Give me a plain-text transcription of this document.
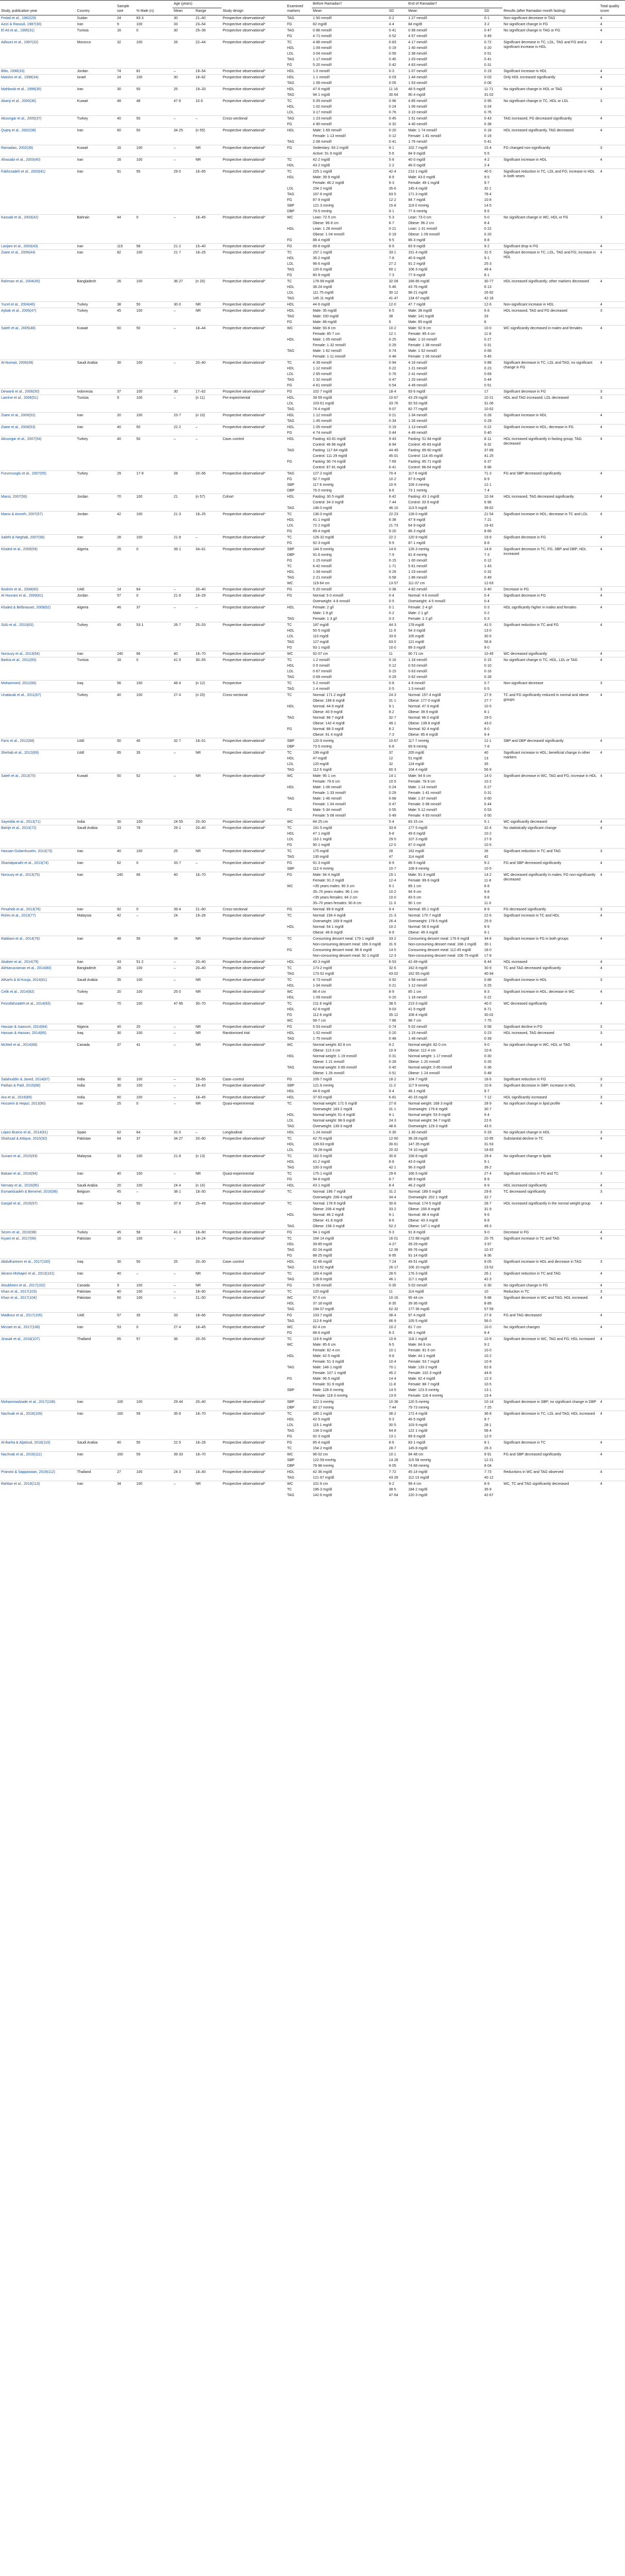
Study, publication year	Country	Sample size	% Male (n)	Age (years)		Study design	Examined markers	Before Ramadan†		End of Ramadan†		Results (after Ramadan month fasting)	Total quality score
				Mean	Range			Mean	SD	Mean	SD		
Fedail et al., 1982(29)	Sudan	24	83·3	30	21–40	Prospective observational*	TAG	1·50 mmol/l	0·2	1·27 mmol/l	0·1	Non-significant decrease in TAG	4
Azizi & Rasouli, 1987(30)	Iran	9	100	33	23–54	Prospective observational*	FG	82 mg/dl	4·4	84 mg/dl	3·2	No significant change in FG	4
El Ati et al., 1995(31)	Tunisia	16	0	30	25–39	Prospective observational*	TAG	0·86 mmol/l	0·41	0·98 mmol/l	0·47	No significant change in TAG or FG	4
							FG	4·71 mmol/l	0·52	4·57 mmol/l	0·49		
Adlouni et al., 1997(32)	Morocco	32	100	26	22–44	Prospective observational*	TC	4·86 mmol/l	0·83	4·17 mmol/l	0·72	Significant decrease in TC, LDL, TAG and FG and a significant increase in HDL	4
							HDL	1·09 mmol/l	0·19	1·40 mmol/l	0·20		
							LDL	3·04 mmol/l	0·56	2·38 mmol/l	0·51		
							TAG	1·17 mmol/l	0·45	1·03 mmol/l	0·41		
							FG	5·20 mmol/l	0·42	4·63 mmol/l	0·31		
Bilto, 1998(33)	Jordan	74	81	–	19–54	Prospective observational*	HDL	1·0 mmol/l	0·3	1·07 mmol/l	0·19	Significant increase in HDL	4
Maislos et al., 1998(34)	Israel	24	100	30	18–62	Prospective observational*	HDL	1·1 mmol/l	0·03	1·44 mmol/l	0·03	Only HDL increased significantly	4
							TAG	1·56 mmol/l	0·05	1·53 mmol/l	0·06		
Mahboob et al., 1999(35)	Iran	30	50	25	19–33	Prospective observational*	HDL	47·6 mg/dl	11·16	48·5 mg/dl	11·71	No significant change in HDL or TAG	4
							TAG	94·1 mg/dl	30·64	90·4 mg/dl	31·02		
Akanji et al., 2000(36)	Kuwait	48	48	47·6	10·6	Prospective observational*	TC	5·05 mmol/l	0·96	4·85 mmol/l	0·95	No significant change in TC, HDL or LDL	3
							HDL	1·02 mmol/l	0·24	1·06 mmol/l	0·24		
							LDL	3·17 mmol/l	0·76	3·10 mmol/l	0·76		
Aksungar et al., 2005(37)	Turkey	40	50	–	–	Cross-sectional	TAG	1·23 mmol/l	0·45	1·51 mmol/l	0·43	TAG increased, FG decreased significantly	4
							FG	4·90 mmol/l	0·32	4·40 mmol/l	0·38		
Qujeq et al., 2002(38)	Iran	60	50	34·25	(n 55)	Prospective observational*	HDL	Male: 1·69 mmol/l	0·20	Male: 1·74 mmol/l	0·18	HDL increased significantly, TAG decreased	4
								Female: 1·13 mmol/l	0·12	Female: 1·81 mmol/l	0·19		
							TAG	2·08 mmol/l	0·41	1·76 mmol/l	0·41		
Ramadan, 2002(39)	Kuwait	16	100	–	NR	Prospective observational*	FG	Sedentary: 93·2 mg/dl	9·1	102·7 mg/dl	15·4	FG changed non-significantly	3
								Active: 91·9 mg/dl	5·6	84·9 mg/dl	5·5		
Afrasiabi et al., 2003(40)	Iran	16	100	–	NR	Prospective observational*	TC	42·2 mg/dl	5·8	40·0 mg/dl	4·2	Significant increase in HDL	4
							HDL	43·2 mg/dl	2·2	46·0 mg/dl	2·4		
Fakhrzadeh et al., 2003(41)	Iran	91	55	29·0	16–65	Prospective observational*	TC	225·1 mg/dl	42·4	213·1 mg/dl	40·5	Significant reduction in TC, LDL and FG; increase in HDL in both sexes	4
							HDL	Male: 39·9 mg/dl	8·9	Male: 43·0 mg/dl	9·5		
								Female: 46·2 mg/dl	9·3	Female: 49·1 mg/dl	9·7		
							LDL	154·2 mg/dl	35·6	145·4 mg/dl	32·1		
							TAG	167·6 mg/dl	83·5	171·3 mg/dl	78·4		
							FG	87·9 mg/dl	12·2	84·7 mg/dl	10·8		
							SBP	121·3 mmHg	15·8	119·0 mmHg	14·5		
							DBP	79·5 mmHg	9·1	77·6 mmHg	9·5		
Kassab et al., 2003(42)	Bahrain	44	0	–	18–45	Prospective observational*	WC	Lean: 72·5 cm	5·3	Lean: 73·0 cm	5·0	No significant change in WC, HDL or FG	3
								Obese: 96·8 cm	8·7	Obese: 96·2 cm	8·4		
							HDL	Lean: 1·28 mmol/l	0·21	Lean: 1·31 mmol/l	0·22		
								Obese: 1·04 mmol/l	0·19	Obese: 1·09 mmol/l	0·20		
							FG	88·4 mg/dl	9·5	86·3 mg/dl	8·8		
Larijani et al., 2003(43)	Iran	115	58	21·2	15–40	Prospective observational*	FG	89·8 mg/dl	8·9	83·9 mg/dl	9·2	Significant drop in FG	4
Ziaee et al., 2006(44)	Iran	82	100	21·7	18–25	Prospective observational*	TC	157·1 mg/dl	33·1	151·4 mg/dl	31·5	Significant decrease in TC, LDL, TAG and FG; increase in HDL	4
							HDL	36·2 mg/dl	7·8	40·6 mg/dl	9·1		
							LDL	96·6 mg/dl	27·2	91·2 mg/dl	25·3		
							TAG	120·6 mg/dl	60·1	106·3 mg/dl	49·4		
							FG	80·9 mg/dl	7·3	77·9 mg/dl	8·1		
Rahman et al., 2004(45)	Bangladesh	26	100	36·27	(n 20)	Prospective observational*	TC	178·99 mg/dl	32·09	168·85 mg/dl	30·77	HDL increased significantly; other markers decreased	4
							HDL	38·24 mg/dl	5·46	43·76 mg/dl	6·13		
							LDL	111·75 mg/dl	30·12	98·21 mg/dl	26·92		
							TAG	145·11 mg/dl	41·47	134·67 mg/dl	42·18		
Yucel et al., 2004(46)	Turkey	38	50	30·0	NR	Prospective observational*	HDL	44·6 mg/dl	12·0	47·7 mg/dl	12·6	Non-significant increase in HDL	4
Aybak et al., 2005(47)	Turkey	45	100	–	NR	Prospective observational*	HDL	Male: 35 mg/dl	6·5	Male: 38 mg/dl	6·8	HDL increased, TAG and FG decreased	3
							TAG	Male: 150 mg/dl	38	Male: 141 mg/dl	33		
							FG	Male: 88 mg/dl	9	Male: 85 mg/dl	8		
Saleh et al., 2005(48)	Kuwait	60	50	–	18–44	Prospective observational*	WC	Male: 93·8 cm	10·2	Male: 92·9 cm	10·0	WC significantly decreased in males and females	4
								Female: 85·7 cm	12·1	Female: 85·4 cm	11·8		
							HDL	Male: 1·05 mmol/l	0·25	Male: 1·10 mmol/l	0·27		
								Female: 1·32 mmol/l	0·29	Female: 1·38 mmol/l	0·31		
							TAG	Male: 1·62 mmol/l	0·74	Male: 1·52 mmol/l	0·66		
								Female: 1·11 mmol/l	0·48	Female: 1·06 mmol/l	0·45		
Al-Numair, 2006(49)	Saudi Arabia	30	100	–	20–40	Prospective observational*	TC	4·39 mmol/l	0·94	4·16 mmol/l	0·88	Significant decrease in TC, LDL and TAG; no significant change in FG	4
							HDL	1·12 mmol/l	0·22	1·21 mmol/l	0·23		
							LDL	2·65 mmol/l	0·76	2·41 mmol/l	0·69		
							TAG	1·32 mmol/l	0·47	1·20 mmol/l	0·44		
							FG	4·61 mmol/l	0·54	4·49 mmol/l	0·51		
Dewanti et al., 2006(50)	Indonesia	37	100	30	17–62	Prospective observational*	FG	102·7 mg/dl	18·4	93·6 mg/dl	17	Significant decrease in FG	3
Lamine et al., 2006(51)	Tunisia	9	100	–	(n 11)	Pre-experimental	HDL	39·59 mg/dl	10·67	43·29 mg/dl	10·21	HDL and TAG increased; LDL decreased	3
							LDL	103·61 mg/dl	33·76	92·53 mg/dl	31·06		
							TAG	74·4 mg/dl	9·07	82·77 mg/dl	10·62		
Ziaee et al., 2006(52)	Iran	20	100	23·7	(n 10)	Prospective observational*	HDL	1·12 mmol/l	0·21	1·34 mmol/l	0·28	Significant increase in HDL	4
							TAG	1·45 mmol/l	0·34	1·26 mmol/l	0·29		
Ziaee et al., 2006(53)	Iran	40	50	22·2	–	Prospective observational*	HDL	1·05 mmol/l	0·19	1·13 mmol/l	0·22	Significant increase in HDL; decrease in FG	4
							FG	4·74 mmol/l	0·44	4·49 mmol/l	0·40		
Aksungar et al., 2007(54)	Turkey	40	50	–	–	Case–control	HDL	Fasting: 43·81 mg/dl	9·43	Fasting: 51·64 mg/dl	8·11	HDL increased significantly in fasting group; TAG decreased	4
								Control: 46·96 mg/dl	8·94	Control: 45·83 mg/dl	9·32		
							TAG	Fasting: 117·64 mg/dl	44·49	Fasting: 89·60 mg/dl	37·89		
								Control: 111·29 mg/dl	45·01	Control: 114·45 mg/dl	41·25		
							FG	Fasting: 90·74 mg/dl	7·69	Fasting: 85·71 mg/dl	6·37		
								Control: 87·81 mg/dl	6·41	Control: 88·64 mg/dl	6·96		
Furuncuoglu et al., 2007(55)	Turkey	29	17·9	28	20–56	Prospective observational*	TAG	127·2 mg/dl	70·4	117·6 mg/dl	71·3	FG and SBP decreased significantly	4
							FG	92·7 mg/dl	10·2	87·5 mg/dl	8·9		
							SBP	117·6 mmHg	10·9	109·3 mmHg	12·1		
							DBP	76·0 mmHg	8·6	73·1 mmHg	7·4		
Mansi, 2007(56)	Jordan	70	100	21	(n 57)	Cohort	HDL	Fasting: 30·5 mg/dl	6·42	Fasting: 43·1 mg/dl	10·34	HDL increased, TAG decreased significantly	4
								Control: 34·3 mg/dl	7·44	Control: 33·9 mg/dl	6·96		
							TAG	146·0 mg/dl	46·10	113·5 mg/dl	39·62		
Mansi & Amneh, 2007(57)	Jordan	42	100	21·3	18–25	Prospective observational*	TC	136·0 mg/dl	22·23	128·0 mg/dl	21·54	Significant increase in HDL; decrease in TC and LDL	4
							HDL	41·1 mg/dl	6·38	47·9 mg/dl	7·21		
							LDL	72·2 mg/dl	21·73	64·9 mg/dl	19·42		
							FG	89·4 mg/dl	9·20	86·3 mg/dl	8·66		
Salehi & Neghab, 2007(58)	Iran	28	100	21·8	–	Prospective observational*	TC	126·32 mg/dl	22·2	120·9 mg/dl	19·9	Significant decrease in FG	4
							FG	92·3 mg/dl	9·9	87·1 mg/dl	8·8		
Khaled et al., 2009(59)	Algeria	26	0	39·1	34–61	Prospective observational*	SBP	144·9 mmHg	14·6	126·3 mmHg	14·8	Significant decrease in TC, FG, SBP and DBP; HDL increased	4
							DBP	91·6 mmHg	7·9	81·8 mmHg	7·3		
							FG	1·15 mmol/l	0·15	1·00 mmol/l	0·12		
							TC	6·42 mmol/l	1·71	5·61 mmol/l	1·43		
							HDL	1·08 mmol/l	0·29	1·23 mmol/l	0·32		
							TAG	2·21 mmol/l	0·58	1·86 mmol/l	0·49		
							WC	119·64 cm	13·57	111·07 cm	12·63		
Ibrahim et al., 2008(60)	UAE	14	64	–	20–40	Prospective observational*	FG	5·20 mmol/l	0·38	4·82 mmol/l	0·40	Decrease in FG	3
Al Hourani et al., 2009(61)	Jordan	57	0	21·6	18–29	Prospective observational*	FG	Normal: 5·0 mmol/l	0·4	Normal: 4·6 mmol/l	0·4	Significant decrease in FG	4
								Overweight: 4·8 mmol/l	0·5	Overweight: 4·5 mmol/l	0·4		
Khaled & Belbraouet, 2009(62)	Algeria	46	37	–	–	Prospective observational*	HDL	Female: 2 g/l	0·1	Female: 2·4 g/l	0·3	HDL significantly higher in males and females	4
								Male: 1·9 g/l	0·2	Male: 2·1 g/l	0·2		
							TAG	Female: 1·3 g/l	0·3	Female: 1·2 g/l	0·3		
Sülü et al., 2010(63)	Turkey	45	53·1	26·7	25–53	Prospective observational*	TC	187 mg/dl	44·3	178 mg/dl	41·5	Significant reduction in TC and FG	4
							HDL	50·5 mg/dl	11·9	54·3 mg/dl	13·0		
							LDL	110 mg/dl	33·6	105 mg/dl	30·5		
							TAG	127 mg/dl	63·0	121 mg/dl	56·8		
							FG	93·1 mg/dl	10·0	89·3 mg/dl	9·0		
Norouzy et al., 2013(64)	Iran	240	66	40	16–70	Prospective observational*	WC	92·07 cm	11	90·71 cm	10·49	WC decreased significantly	4
Barkia et al., 2011(65)	Tunisia	18	0	41·5	30–55	Prospective observational*	TC	1·2 mmol/l	0·16	1·18 mmol/l	0·15	No significant change in TC, HDL, LDL or TAG	4
							HDL	0·5 mmol/l	0·12	0·53 mmol/l	0·10		
							LDL	0·67 mmol/l	0·15	0·63 mmol/l	0·16		
							TAG	0·69 mmol/l	0·29	0·62 mmol/l	0·28		
Mohammed, 2011(66)	Iraq	56	100	48·4	(n 12)	Prospective	TC	5·2 mmol/l	0·8	4·9 mmol/l	0·7	Non-significant decrease	3
							TAG	1·4 mmol/l	0·5	1·3 mmol/l	0·5		
Unalacak et al., 2011(67)	Turkey	40	100	27·4	(n 20)	Cross-sectional	TC	Normal: 171·2 mg/dl	24·3	Normal: 157·4 mg/dl	27·9	TC and FG significantly reduced in normal and obese groups	4
								Obese: 189·8 mg/dl	31·1	Obese: 177·0 mg/dl	27·7		
							HDL	Normal: 44·9 mg/dl	9·1	Normal: 47·9 mg/dl	10·5		
								Obese: 40·9 mg/dl	8·2	Obese: 39·9 mg/dl	8·1		
							TAG	Normal: 98·7 mg/dl	32·7	Normal: 86·0 mg/dl	29·5		
								Obese: 142·4 mg/dl	49·1	Obese: 139·8 mg/dl	43·0		
							FG	Normal: 88·3 mg/dl	8·2	Normal: 82·4 mg/dl	8·0		
								Obese: 91·4 mg/dl	7·3	Obese: 85·8 mg/dl	9·4		
Faris et al., 2012(68)	UAE	50	40	32·7	18–51	Prospective observational*	SBP	120·9 mmHg	10·67	117·7 mmHg	12·1	SBP and DBP decreased significantly	4
							DBP	73·5 mmHg	6·8	69·9 mmHg	7·8		
Shehab et al., 2012(69)	UAE	65	35	–	NR	Prospective observational*	TC	199 mg/dl	37	205 mg/dl	40	Significant increase in HDL; beneficial change in other markers	4
							HDL	47 mg/dl	12	51 mg/dl	13		
							LDL	120 mg/dl	32	124 mg/dl	35		
							TAG	112·5 mg/dl	60·3	104·4 mg/dl	56·9		
Saleh et al., 2013(70)	Kuwait	50	52	–	NR	Prospective observational*	WC	Male: 95·1 cm	14·1	Male: 94·6 cm	14·0	Significant decrease in WC, TAG and FG; increase in HDL	4
								Female: 79·6 cm	10·5	Female: 78·9 cm	10·2		
							HDL	Male: 1·08 mmol/l	0·24	Male: 1·14 mmol/l	0·27		
								Female: 1·33 mmol/l	0·29	Female: 1·41 mmol/l	0·31		
							TAG	Male: 1·46 mmol/l	0·68	Male: 1·37 mmol/l	0·60		
								Female: 1·04 mmol/l	0·47	Female: 0·98 mmol/l	0·44		
							FG	Male: 5·34 mmol/l	0·55	Male: 5·12 mmol/l	0·53		
								Female: 5·08 mmol/l	0·49	Female: 4·93 mmol/l	0·50		
Sayedda et al., 2013(71)	India	30	100	24·55	20–50	Prospective observational*	WC	84·25 cm	5·4	83·15 cm	5·1	WC significantly decreased	4
Bahijri et al., 2013(72)	Saudi Arabia	23	78	29·1	20–40	Prospective observational*	TC	181·5 mg/dl	33·8	177·5 mg/dl	32·4	No statistically significant change	4
							HDL	47·1 mg/dl	9·8	49·6 mg/dl	10·2		
							LDL	110·1 mg/dl	29·5	107·3 mg/dl	27·9		
							FG	90·1 mg/dl	12·0	87·0 mg/dl	10·5		
Hassan-Gulamhusein, 2013(73)	Iran	40	100	25	NR	Prospective observational*	TC	175 mg/dl	28	162 mg/dl	26	Significant reduction in TC and TAG	3
							TAG	130 mg/dl	47	114 mg/dl	42		
Shariatpanahi et al., 2013(74)	Iran	62	0	33·7	–	Prospective observational*	FG	91·3 mg/dl	8·9	86·5 mg/dl	9·2	FG and SBP decreased significantly	4
							SBP	112·4 mmHg	10·7	108·9 mmHg	10·5		
Norouzy et al., 2013(75)	Iran	240	66	40	16–70	Prospective observational*	FG	Male: 94·4 mg/dl	15·1	Male: 91·3 mg/dl	14·2	WC decreased significantly in males; FG non-significantly decreased	4
								Female: 91·2 mg/dl	12·4	Female: 89·6 mg/dl	11·8		
							WC	<35 years males: 90·3 cm	9·1	89·1 cm	8·8		
								35–70 years males: 96·1 cm	10·2	94·9 cm	9·8		
								<35 years females: 84·2 cm	10·0	83·5 cm	9·8		
								35–70 years females: 90·8 cm	11·3	90·1 cm	11·0		
Pirsaheb et al., 2013(76)	Iran	92	0	39·4	21–60	Cross-sectional	FG	Normal: 89·8 mg/dl	9·4	Normal: 85·1 mg/dl	8·9	FG decreased significantly	3
Rohin et al., 2013(77)	Malaysia	42	–	24	19–28	Prospective observational*	TC	Normal: 158·4 mg/dl	21·3	Normal: 170·7 mg/dl	22·6	Significant increase in TC and HDL	4
								Overweight: 169·9 mg/dl	26·4	Overweight: 179·5 mg/dl	25·9		
							HDL	Normal: 54·1 mg/dl	10·2	Normal: 56·6 mg/dl	9·9		
								Obese: 46·8 mg/dl	8·9	Obese: 49·3 mg/dl	9·1		
Rabbani et al., 2014(78)	Iran	48	56	34	NR	Prospective observational*	TC	Consuming dessert meal: 179·1 mg/dl	33·2	Consuming dessert meal: 176·6 mg/dl	34·8	Significant increase in FG in both groups	4
								Non-consuming dessert meal: 169·3 mg/dl	31·9	Non-consuming dessert meal: 168·1 mg/dl	30·1		
							FG	Consuming dessert meal: 96·8 mg/dl	14·5	Consuming dessert meal: 112·45 mg/dl	18·0		
								Non-consuming dessert meal: 92·1 mg/dl	12·3	Non-consuming dessert meal: 106·75 mg/dl	17·8		
Akaberi et al., 2014(79)	Iran	43	51·2	–	20–40	Prospective observational*	HDL	40·3 mg/dl	6·53	42·49 mg/dl	8·44	HDL increased	4
Akhtaruzzaman et al., 2014(80)	Bangladesh	28	100	–	20–40	Prospective observational*	TC	173·2 mg/dl	32·6	162·8 mg/dl	30·9	TC and TAG decreased significantly	4
							TAG	173·52 mg/dl	43·02	162·55 mg/dl	40·94		
AlKarhi & Al-Kouja, 2014(81)	Saudi Arabia	35	100	–	NR	Prospective observational*	TC	4·73 mmol/l	0·92	4·58 mmol/l	0·88	Significant increase in HDL	3
							HDL	1·04 mmol/l	0·21	1·12 mmol/l	0·25		
Celik et al., 2014(82)	Turkey	20	100	25·0	NR	Prospective observational*	WC	86·4 cm	8·9	85·1 cm	8·3	Significant increase in HDL; decrease in WC	4
							HDL	1·09 mmol/l	0·20	1·18 mmol/l	0·22		
Feizollahzadeh et al., 2014(83)	Iran	70	100	47·66	30–70	Prospective observational*	TC	211·6 mg/dl	38·5	213·3 mg/dl	40·0	WC decreased significantly	4
							HDL	42·8 mg/dl	9·03	41·5 mg/dl	8·71		
							FG	112·6 mg/dl	35·12	108·4 mg/dl	30·02		
							WC	99·7 cm	7·86	98·7 cm	7·75		
Hassan & Isawumi, 2014(84)	Nigeria	40	20	–	NR	Prospective observational*	FG	5·53 mmol/l	0·74	5·02 mmol/l	0·58	Significant decline in FG	3
Hassan & Hassan, 2014(85)	Iraq	30	100	–	NR	Randomised trial	HDL	1·02 mmol/l	0·20	1·15 mmol/l	0·23	HDL increased, TAG decreased	3
							TAG	1·75 mmol/l	0·48	1·49 mmol/l	0·39		
McNeil et al., 2014(86)	Canada	37	41	–	NR	Prospective observational*	WC	Normal weight: 82·8 cm	9·2	Normal weight: 82·0 cm	9·0	No significant change in WC, HDL or TAG	4
								Obese: 113·3 cm	10·9	Obese: 112·4 cm	10·8		
							HDL	Normal weight: 1·19 mmol/l	0·31	Normal weight: 1·17 mmol/l	0·30		
								Obese: 1·21 mmol/l	0·28	Obese: 1·20 mmol/l	0·26		
							TAG	Normal weight: 0·89 mmol/l	0·40	Normal weight: 0·85 mmol/l	0·36		
								Obese: 1·26 mmol/l	0·51	Obese: 1·24 mmol/l	0·48		
Salahuddin & Javed, 2014(87)	India	30	100	–	30–65	Case–control	FG	109·7 mg/dl	18·2	104·7 mg/dl	18·6	Significant reduction in FG	3
Pathan & Patil, 2015(88)	India	30	100	–	19–43	Prospective observational*	SBP	121·6 mmHg	11·2	117·9 mmHg	10·8	Significant decrease in SBP; increase in HDL	3
							HDL	44·6 mg/dl	9·4	48·1 mg/dl	9·7		
Ara et al., 2016(89)	India	60	100	–	18–45	Prospective observational*	HDL	37·63 mg/dl	6·81	40·15 mg/dl	7·12	HDL significantly increased	3
Hosseini & Hejazi, 2013(90)	Iran	25	0	–	NR	Quasi-experimental	TC	Normal weight: 171·5 mg/dl	27·8	Normal weight: 168·3 mg/dl	28·9	No significant change in lipid profile	4
								Overweight: 183·2 mg/dl	31·1	Overweight: 179·8 mg/dl	30·7		
							HDL	Normal weight: 51·4 mg/dl	9·1	Normal weight: 53·9 mg/dl	9·4		
							LDL	Normal weight: 98·9 mg/dl	24·3	Normal weight: 94·7 mg/dl	22·6		
							TAG	Overweight: 139·0 mg/dl	48·8	Overweight: 129·3 mg/dl	43·5		
López-Bueno et al., 2014(91)	Spain	62	64	31·0	–	Longitudinal	HDL	1·24 mmol/l	0·30	1·30 mmol/l	0·33	No significant change in HDL	3
Shahzad & Attique, 2015(92)	Pakistan	64	37	34·27	20–60	Prospective observational*	TC	42·70 mg/dl	12·60	38·28 mg/dl	10·95	Substantial decline in TC	4
							HDL	139·63 mg/dl	30·61	147·35 mg/dl	31·53		
							LDL	79·28 mg/dl	20·32	74·10 mg/dl	18·83		
Suriani et al., 2015(93)	Malaysia	33	100	21·8	(n 13)	Prospective observational*	TC	162·5 mg/dl	30·8	158·8 mg/dl	29·4	No significant change in lipids	4
							HDL	41·2 mg/dl	8·8	43·0 mg/dl	9·1		
							TAG	100·3 mg/dl	42·1	96·3 mg/dl	39·2		
Babaei et al., 2016(94)	Iran	40	100	–	NR	Quasi-experimental	TC	175·1 mg/dl	29·6	166·5 mg/dl	27·4	Significant reduction in FG and TC	3
							FG	94·8 mg/dl	8·7	88·9 mg/dl	8·9		
Nematy et al., 2016(95)	Saudi Arabia	20	100	24·4	(n 10)	Prospective observational*	HDL	43·1 mg/dl	8·4	46·2 mg/dl	8·9	HDL increased significantly	4
Esmaeilzadeh & Bemmel, 2016(96)	Belgium	45	–	38·1	18–50	Prospective observational*	TC	Normal: 196·7 mg/dl	31·2	Normal: 189·5 mg/dl	29·8	TC decreased significantly	3
								Overweight: 208·4 mg/dl	34·4	Overweight: 202·1 mg/dl	32·7		
Ganjali et al., 2016(97)	Iran	54	50	37·6	25–49	Prospective observational*	TC	Normal: 178·9 mg/dl	30·8	Normal: 174·5 mg/dl	28·7	HDL increased significantly in the normal weight group	4
								Obese: 206·4 mg/dl	33·2	Obese: 200·8 mg/dl	31·9		
							HDL	Normal: 46·2 mg/dl	9·1	Normal: 48·4 mg/dl	9·6		
								Obese: 41·8 mg/dl	8·6	Obese: 43·3 mg/dl	8·8		
							TAG	Obese: 158·3 mg/dl	52·2	Obese: 147·1 mg/dl	49·3		
Sezen et al., 2016(98)	Turkey	45	58	41·3	18–60	Prospective observational*	FG	94·1 mg/dl	9·3	91·8 mg/dl	9·0	Decrease in FG	4
Kiyani et al., 2017(99)	Pakistan	16	100	–	18–24	Prospective observational*	TC	164·14 mg/dl	16·01	172·88 mg/dl	20·75	Significant increase in TC and TAG	4
							HDL	39·85 mg/dl	4·27	39·29 mg/dl	3·97		
							TAG	82·24 mg/dl	12·39	89·76 mg/dl	10·37		
							FG	88·25 mg/dl	8·95	91·14 mg/dl	8·36		
AbdulKareem et al., 2017(100)	Iraq	30	50	25	20–30	Case–control	HDL	42·66 mg/dl	7·24	49·51 mg/dl	9·05	Significant increase in HDL and decrease in TAG	3
							TAG	113·52 mg/dl	26·17	106·10 mg/dl	23·52		
Akrami Mohajeri et al., 2013(101)	Iran	40	–	–	NR	Prospective observational*	TC	183·4 mg/dl	28·5	176·3 mg/dl	26·1	Significant reduction in TC and TAG	4
							TAG	126·8 mg/dl	46·1	117·1 mg/dl	42·3		
Alsubheen et al., 2017(102)	Canada	9	100	–	NR	Prospective observational*	FG	5·06 mmol/l	0·35	5·02 mmol/l	0·30	No significant change in FG	4
Khan et al., 2017(103)	Pakistan	40	100	–	18–60	Prospective observational*	TC	120 mg/dl	11	114 mg/dl	10	Reduction in TC	3
Khan et al., 2017(104)	Pakistan	60	100	–	21–50	Prospective observational*	WC	97·0 cm	10·16	95·44 cm	9·88	Significant decrease in WC and TAG; HDL increased	4
							HDL	37·18 mg/dl	8·35	39·36 mg/dl	8·89		
							TAG	194·07 mg/dl	62·32	177·36 mg/dl	57·59		
Madkour et al., 2017(105)	UAE	57	35	33	18–66	Prospective observational*	FG	103·7 mg/dl	38·4	97·4 mg/dl	27·8	FG and TAG decreased	4
							TAG	112·6 mg/dl	66·9	105·5 mg/dl	56·0		
Mirzaei et al., 2017(106)	Iran	53	0	27·4	18–45	Prospective observational*	WC	82·4 cm	10·2	81·7 cm	10·0	No significant changes	4
							FG	88·6 mg/dl	8·3	86·1 mg/dl	8·4		
Jirasak et al., 2018(107)	Thailand	65	57	36	20–55	Prospective observational*	TC	119·6 mg/dl	10·8	118·1 mg/dl	10·9	Significant decrease in WC, TAG and FG; HDL increased	4
							WC	Male: 85·6 cm	9·5	Male: 84·9 cm	9·2		
								Female: 82·4 cm	10·1	Female: 81·5 cm	10·0		
							HDL	Male: 42·5 mg/dl	9·8	Male: 44·1 mg/dl	10·2		
								Female: 51·3 mg/dl	10·4	Female: 53·7 mg/dl	10·9		
							TAG	Male: 148·1 mg/dl	70·1	Male: 133·2 mg/dl	62·8		
								Female: 107·1 mg/dl	45·2	Female: 102·3 mg/dl	44·8		
							FG	Male: 96·5 mg/dl	14·4	Male: 92·4 mg/dl	12·3		
								Female: 91·9 mg/dl	11·8	Female: 88·7 mg/dl	10·5		
							SBP	Male: 128·6 mmHg	14·5	Male: 123·5 mmHg	13·1		
								Female: 119·3 mmHg	13·9	Female: 116·4 mmHg	13·4		
Mohammadzade et al., 2017(108)	Iran	100	100	29·44	20–40	Prospective observational*	SBP	122·3 mmHg	10·36	120·5 mmHg	10·14	Significant decrease in SBP; no significant change in DBP	4
							DBP	80·17 mmHg	7·44	79·73 mmHg	7·25		
Nachvak et al., 2018(109)	Iran	160	59	35·6	18–70	Prospective observational*	TC	185·1 mg/dl	38·2	172·4 mg/dl	36·8	Significant decrease in TC, LDL and TAG; HDL increased	4
							HDL	42·5 mg/dl	9·3	46·5 mg/dl	9·7		
							LDL	115·1 mg/dl	30·5	103·9 mg/dl	28·1		
							TAG	134·3 mg/dl	64·8	122·1 mg/dl	58·4		
							FG	92·3 mg/dl	13·1	89·9 mg/dl	12·5		
Al-Barha & Aljaloud, 2018(110)	Saudi Arabia	40	50	22·5	18–28	Prospective observational*	FG	85·4 mg/dl	8·6	83·1 mg/dl	8·1	Significant decrease in TC	4
							TC	154·2 mg/dl	28·7	145·8 mg/dl	26·3		
Nachvak et al., 2019(111)	Iran	160	59	39·33	18–70	Prospective observational*	WC	96·02 cm	10·1	94·48 cm	9·91	FG and SBP decreased significantly	4
							SBP	122·59 mmHg	14·28	115·58 mmHg	12·21		
							DBP	78·98 mmHg	9·05	74·68 mmHg	8·04		
Pranoto & Sappaswan, 2019(112)	Thailand	27	100	24·3	18–40	Prospective observational*	HDL	42·36 mg/dl	7·72	45·14 mg/dl	7·73	Reductions in WC and TAG observed	4
							TAG	121·67 mg/dl	43·28	112·13 mg/dl	40·12		
Rahbar et al., 2019(113)	Iran	34	100	–	NR	Prospective observational*	WC	101·6 cm	9·2	99·4 cm	8·9	WC, TC and TAG significantly decreased	4
							TC	196·3 mg/dl	38·5	184·2 mg/dl	35·9		
							TAG	142·6 mg/dl	47·64	120·3 mg/dl	42·67		
